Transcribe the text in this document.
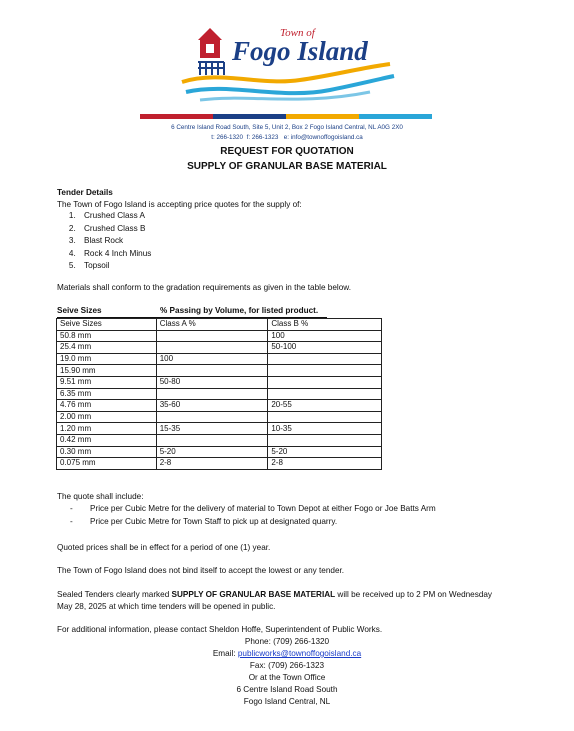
Town of
Fogo Island
6 Centre Island Road South, Site 5, Unit 2, Box 2 Fogo Island Central, NL A0G 2X0
t: 266-1320 f: 266-1323 e: info@townoffogoisland.ca
REQUEST FOR QUOTATION
SUPPLY OF GRANULAR BASE MATERIAL
Tender Details
The Town of Fogo Island is accepting price quotes for the supply of:
1. Crushed Class A
2. Crushed Class B
3. Blast Rock
4. Rock 4 Inch Minus
5. Topsoil
Materials shall conform to the gradation requirements as given in the table below.
Seive Sizes	% Passing by Volume, for listed product.
Seive Sizes	Class A %	Class B %
50.8 mm		100
25.4 mm		50-100
19.0 mm	100	
15.90 mm		
9.51 mm	50-80	
6.35 mm		
4.76 mm	35-60	20-55
2.00 mm		
1.20 mm	15-35	10-35
0.42 mm		
0.30 mm	5-20	5-20
0.075 mm	2-8	2-8
The quote shall include:
- Price per Cubic Metre for the delivery of material to Town Depot at either Fogo or Joe Batts Arm
- Price per Cubic Metre for Town Staff to pick up at designated quarry.
Quoted prices shall be in effect for a period of one (1) year.
The Town of Fogo Island does not bind itself to accept the lowest or any tender.
Sealed Tenders clearly marked SUPPLY OF GRANULAR BASE MATERIAL will be received up to 2 PM on Wednesday
May 28, 2025 at which time tenders will be opened in public.
For additional information, please contact Sheldon Hoffe, Superintendent of Public Works.
Phone: (709) 266-1320
Email: publicworks@townoffogoisland.ca
Fax: (709) 266-1323
Or at the Town Office
6 Centre Island Road South
Fogo Island Central, NL
